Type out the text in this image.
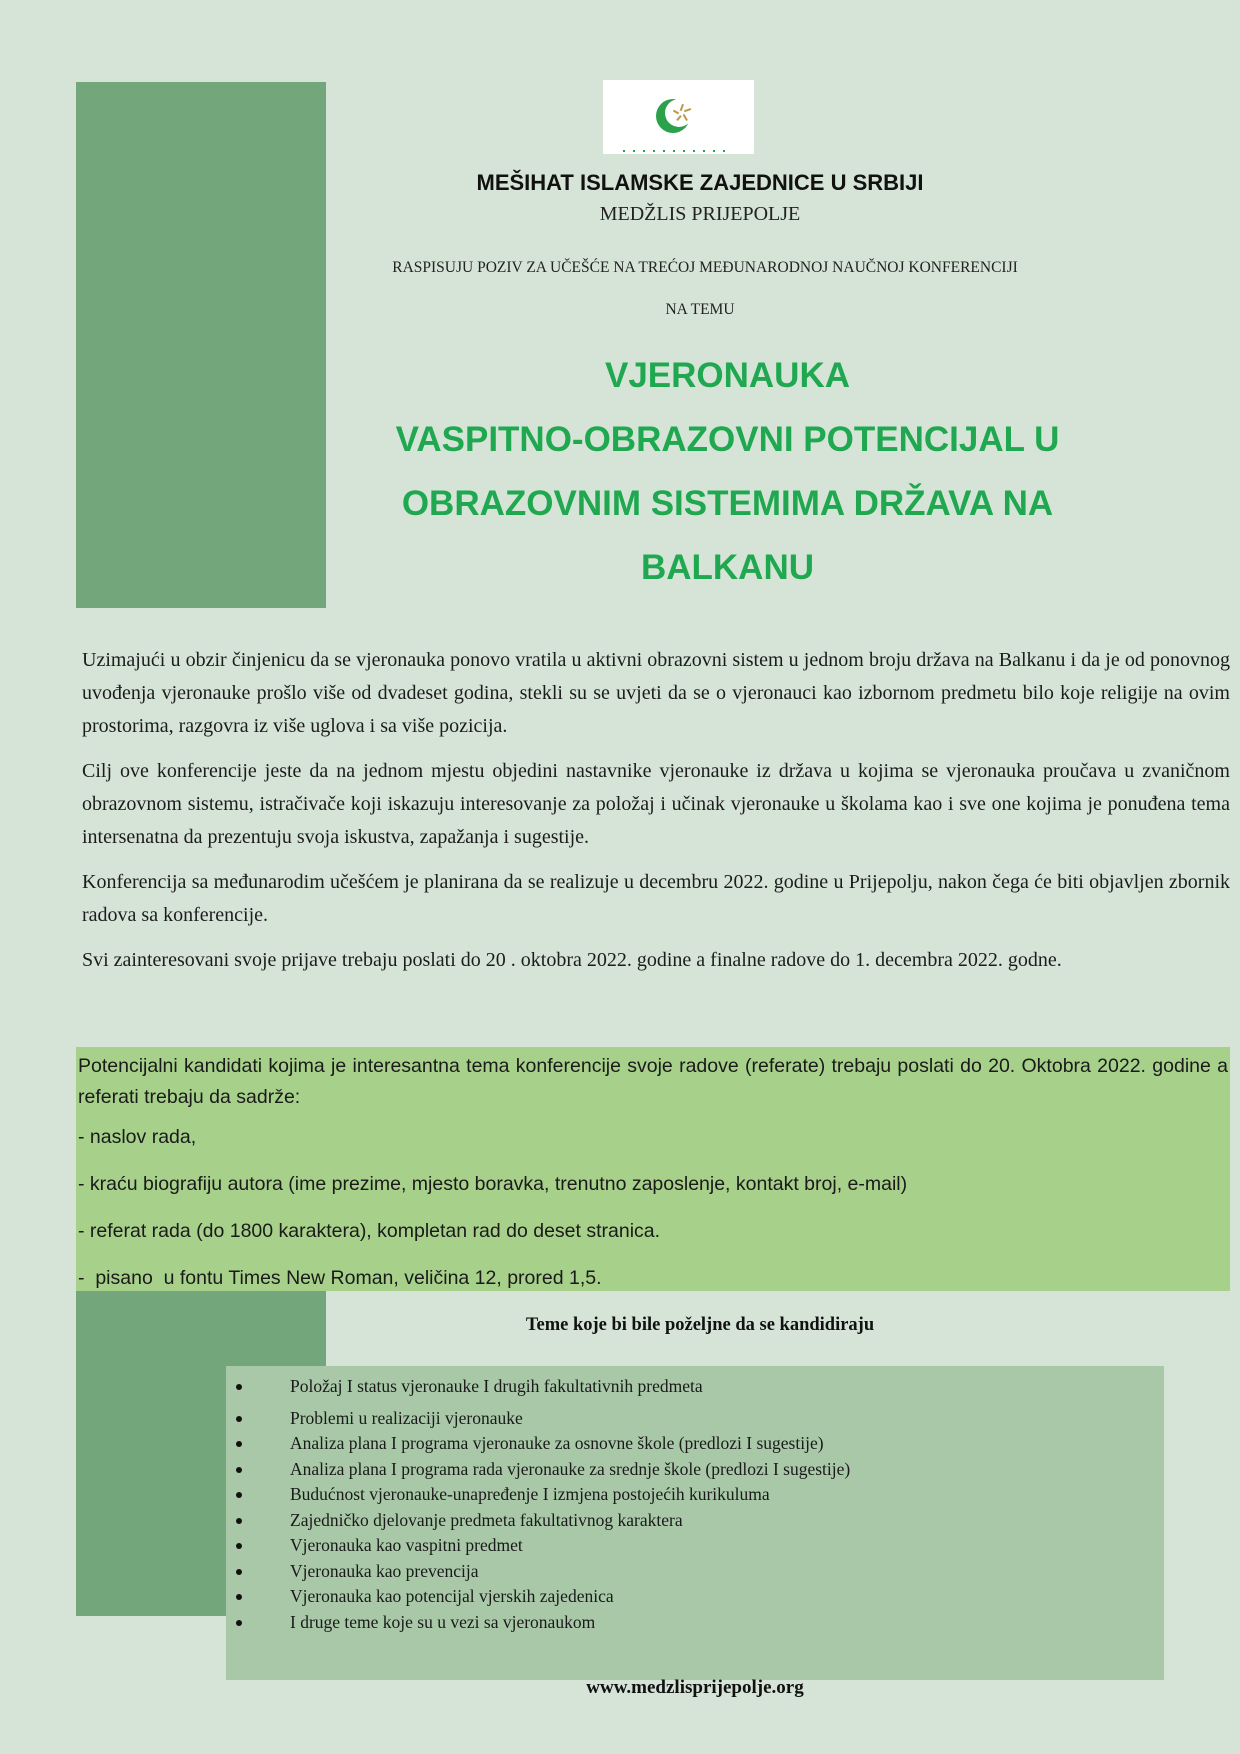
MEŠIHAT ISLAMSKE ZAJEDNICE U SRBIJI
MEDŽLIS PRIJEPOLJE
RASPISUJU POZIV ZA UČEŠĆE NA TREĆOJ MEĐUNARODNOJ NAUČNOJ KONFERENCIJI
NA TEMU
VJERONAUKA
VASPITNO-OBRAZOVNI POTENCIJAL U
OBRAZOVNIM SISTEMIMA DRŽAVA NA
BALKANU

Uzimajući u obzir činjenicu da se vjeronauka ponovo vratila u aktivni obrazovni sistem u jednom broju država na Balkanu i da je od ponovnog uvođenja vjeronauke prošlo više od dvadeset godina, stekli su se uvjeti da se o vjeronauci kao izbornom predmetu bilo koje religije na ovim prostorima, razgovra iz više uglova i sa više pozicija.

Cilj ove konferencije jeste da na jednom mjestu objedini nastavnike vjeronauke iz država u kojima se vjeronauka proučava u zvaničnom obrazovnom sistemu, istračivače koji iskazuju interesovanje za položaj i učinak vjeronauke u školama kao i sve one kojima je ponuđena tema intersenatna da prezentuju svoja iskustva, zapažanja i sugestije.

Konferencija sa međunarodim učešćem je planirana da se realizuje u decembru 2022. godine u Prijepolju, nakon čega će biti objavljen zbornik radova sa konferencije.

Svi zainteresovani svoje prijave trebaju poslati do 20 . oktobra 2022. godine a finalne radove do 1. decembra 2022. godne.

Potencijalni kandidati kojima je interesantna tema konferencije svoje radove (referate) trebaju poslati do 20. Oktobra 2022. godine a referati trebaju da sadrže:
- naslov rada,
- kraću biografiju autora (ime prezime, mjesto boravka, trenutno zaposlenje, kontakt broj, e-mail)
- referat rada (do 1800 karaktera), kompletan rad do deset stranica.
-  pisano  u fontu Times New Roman, veličina 12, prored 1,5.
Teme koje bi bile poželjne da se kandidiraju
Položaj I status vjeronauke I drugih fakultativnih predmeta
Problemi u realizaciji vjeronauke
Analiza plana I programa vjeronauke za osnovne škole (predlozi I sugestije)
Analiza plana I programa rada vjeronauke za srednje škole (predlozi I sugestije)
Budućnost vjeronauke-unapređenje I izmjena postojećih kurikuluma
Zajedničko djelovanje predmeta fakultativnog karaktera
Vjeronauka kao vaspitni predmet
Vjeronauka kao prevencija
Vjeronauka kao potencijal vjerskih zajedenica
I druge teme koje su u vezi sa vjeronaukom
www.medzlisprijepolje.org
